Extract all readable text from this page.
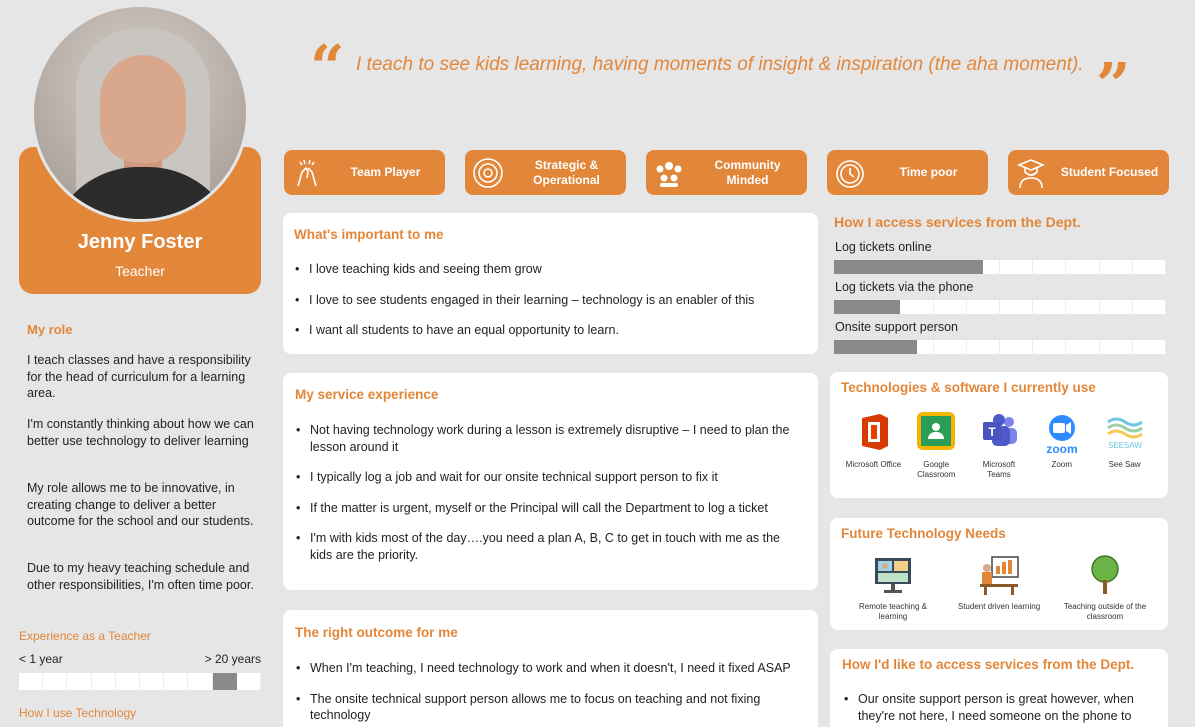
Jenny Foster
Teacher
My role

I teach classes and have a responsibility for the head of curriculum for a learning area.

I'm constantly thinking about how we can better use technology to deliver learning

My role allows me to be innovative, in creating change to deliver a better outcome for the school and our students.

Due to my heavy teaching schedule and other responsibilities, I'm often time poor.

Experience as a Teacher
< 1 year	> 20 years
How I use Technology
“ I teach to see kids learning, having moments of insight & inspiration (the aha moment). ”
Team Player
Strategic & Operational
Community Minded
Time poor	Student Focused
What's important to me
• I love teaching kids and seeing them grow
• I love to see students engaged in their learning – technology is an enabler of this
• I want all students to have an equal opportunity to learn.
My service experience
• Not having technology work during a lesson is extremely disruptive – I need to plan the lesson around it
• I typically log a job and wait for our onsite technical support person to fix it
• If the matter is urgent, myself or the Principal will call the Department to log a ticket
• I'm with kids most of the day….you need a plan A, B, C to get in touch with me as the kids are the priority.
The right outcome for me
• When I'm teaching, I need technology to work and when it doesn't, I need it fixed ASAP
• The onsite technical support person allows me to focus on teaching and not fixing technology
How I access services from the Dept.
Log tickets online
Log tickets via the phone
Onsite support person
Technologies & software I currently use
Microsoft Office	Google Classroom
T
Microsoft Teams
zoom
Zoom
SEESAW
See Saw
Future Technology Needs
Remote teaching & learning
Student driven learning	Teaching outside of the classroom
How I'd like to access services from the Dept.
• Our onsite support person is great however, when they're not here, I need someone on the phone to
